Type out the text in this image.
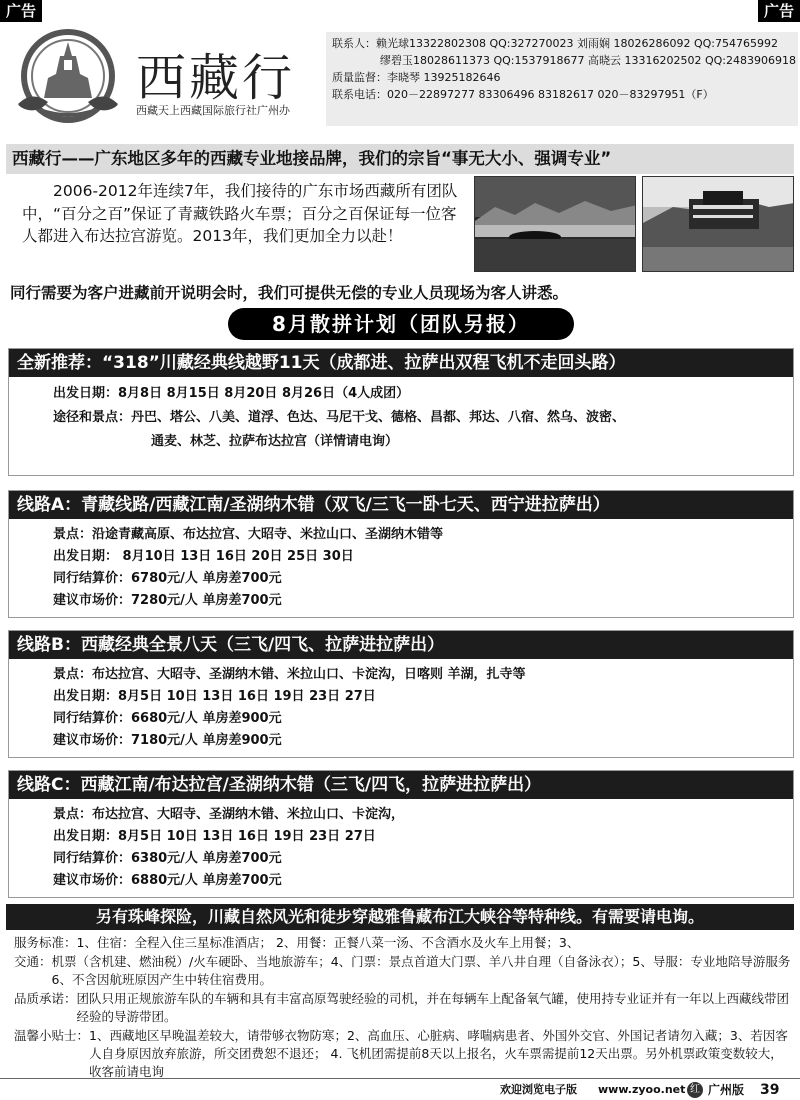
广告	广告
西藏行
西藏天上西藏国际旅行社广州办
联系人：赖光球13322802308 QQ:327270023 刘雨娴 18026286092 QQ:754765992
缪碧玉18028611373 QQ:1537918677 高晓云 13316202502 QQ:2483906918
质量监督：李晓琴 13925182646
联系电话：020－22897277 83306496 83182617 020－83297951（F）
西藏行——广东地区多年的西藏专业地接品牌，我们的宗旨“事无大小、强调专业”
2006-2012年连续7年，我们接待的广东市场西藏所有团队中，“百分之百”保证了青藏铁路火车票；百分之百保证每一位客人都进入布达拉宫游览。2013年，我们更加全力以赴！
同行需要为客户进藏前开说明会时，我们可提供无偿的专业人员现场为客人讲悉。
8月散拼计划（团队另报）
全新推荐：“318”川藏经典线越野11天（成都进、拉萨出双程飞机不走回头路）
出发日期：8月8日 8月15日 8月20日 8月26日（4人成团）
途径和景点：丹巴、塔公、八美、道浮、色达、马尼干戈、德格、昌都、邦达、八宿、然乌、波密、
通麦、林芝、拉萨布达拉宫（详情请电询）
线路A：青藏线路/西藏江南/圣湖纳木错（双飞/三飞一卧七天、西宁进拉萨出）
景点：沿途青藏高原、布达拉宫、大昭寺、米拉山口、圣湖纳木错等
出发日期： 8月10日 13日 16日 20日 25日 30日
同行结算价：6780元/人 单房差700元
建议市场价：7280元/人 单房差700元
线路B：西藏经典全景八天（三飞/四飞、拉萨进拉萨出）
景点：布达拉宫、大昭寺、圣湖纳木错、米拉山口、卡淀沟，日喀则 羊湖，扎寺等
出发日期：8月5日 10日 13日 16日 19日 23日 27日
同行结算价：6680元/人 单房差900元
建议市场价：7180元/人 单房差900元
线路C：西藏江南/布达拉宫/圣湖纳木错（三飞/四飞，拉萨进拉萨出）
景点：布达拉宫、大昭寺、圣湖纳木错、米拉山口、卡淀沟，
出发日期：8月5日 10日 13日 16日 19日 23日 27日
同行结算价：6380元/人 单房差700元
建议市场价：6880元/人 单房差700元
另有珠峰探险，川藏自然风光和徒步穿越雅鲁藏布江大峡谷等特种线。有需要请电询。
服务标准： 1、住宿：全程入住三星标准酒店； 2、用餐：正餐八菜一汤、不含酒水及火车上用餐；3、
交通： 机票（含机建、燃油税）/火车硬卧、当地旅游车；4、门票：景点首道大门票、羊八井自理（自备泳衣）；5、导服：专业地陪导游服务 6、不含因航班原因产生中转住宿费用。
品质承诺： 团队只用正规旅游车队的车辆和具有丰富高原驾驶经验的司机，并在每辆车上配备氧气罐，使用持专业证并有一年以上西藏线带团经验的导游带团。
温馨小贴士： 1、西藏地区早晚温差较大，请带够衣物防寒；2、高血压、心脏病、哮喘病患者、外国外交官、外国记者请勿入藏；3、若因客人自身原因放弃旅游，所交团费恕不退还； 4. 飞机团需提前8天以上报名，火车票需提前12天出票。另外机票政策变数较大，收客前请电询
欢迎浏览电子版 www.zyoo.net 红 广州版 39
